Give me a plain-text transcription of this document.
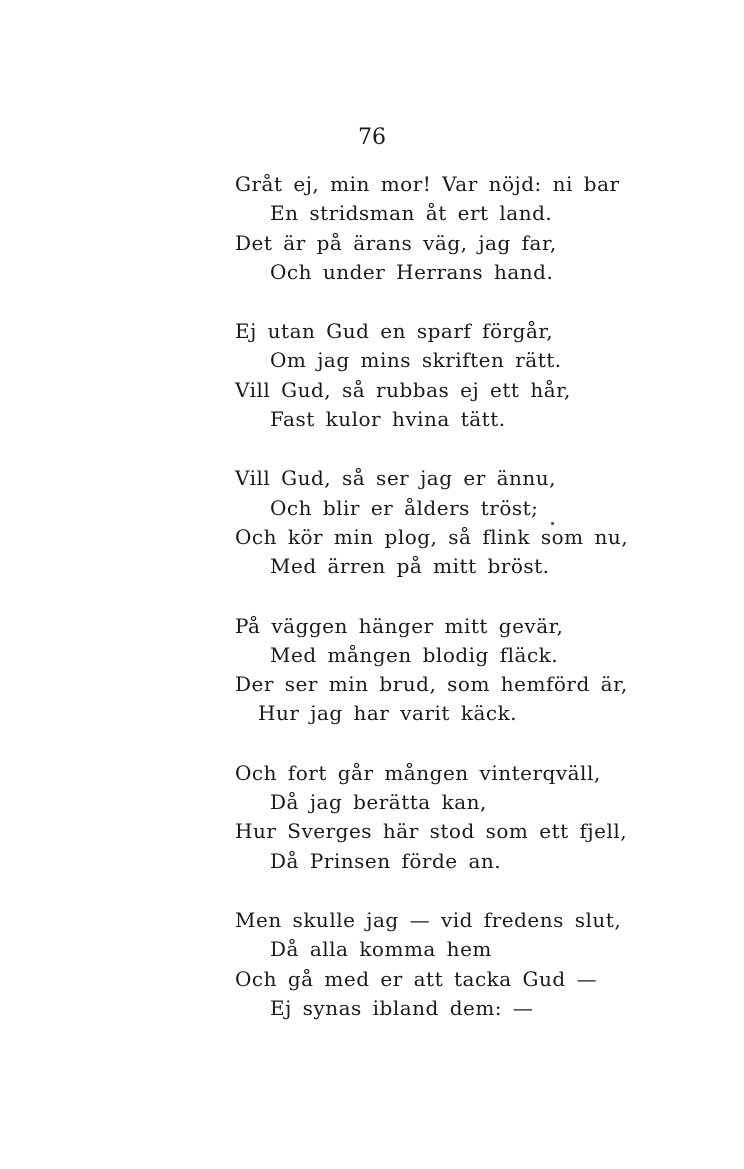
76
Gråt ej, min mor! Var nöjd: ni bar
En stridsman åt ert land.
Det är på ärans väg, jag far,
Och under Herrans hand.
Ej utan Gud en sparf förgår,
Om jag mins skriften rätt.
Vill Gud, så rubbas ej ett hår,
Fast kulor hvina tätt.
Vill Gud, så ser jag er ännu,
Och blir er ålders tröst;
Och kör min plog, så flink som nu,
Med ärren på mitt bröst.
På väggen hänger mitt gevär,
Med mången blodig fläck.
Der ser min brud, som hemförd är,
Hur jag har varit käck.
Och fort går mången vinterqväll,
Då jag berätta kan,
Hur Sverges här stod som ett fjell,
Då Prinsen förde an.
Men skulle jag — vid fredens slut,
Då alla komma hem
Och gå med er att tacka Gud —
Ej synas ibland dem: —
